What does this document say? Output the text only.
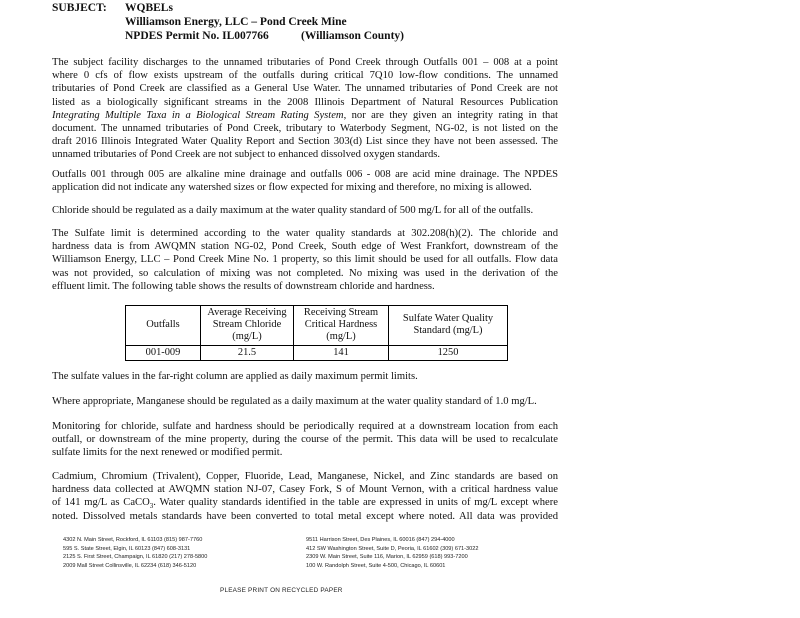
SUBJECT: WQBELs
Williamson Energy, LLC – Pond Creek Mine
NPDES Permit No. IL007766	(Williamson County)
The subject facility discharges to the unnamed tributaries of Pond Creek through Outfalls 001 – 008 at a point
where 0 cfs of flow exists upstream of the outfalls during critical 7Q10 low-flow conditions. The unnamed
tributaries of Pond Creek are classified as a General Use Water. The unnamed tributaries of Pond Creek are not
listed as a biologically significant streams in the 2008 Illinois Department of Natural Resources Publication
Integrating Multiple Taxa in a Biological Stream Rating System, nor are they given an integrity rating in that
document. The unnamed tributaries of Pond Creek, tributary to Waterbody Segment, NG-02, is not listed on the
draft 2016 Illinois Integrated Water Quality Report and Section 303(d) List since they have not been assessed. The
unnamed tributaries of Pond Creek are not subject to enhanced dissolved oxygen standards.
Outfalls 001 through 005 are alkaline mine drainage and outfalls 006 - 008 are acid mine drainage. The NPDES
application did not indicate any watershed sizes or flow expected for mixing and therefore, no mixing is allowed.
Chloride should be regulated as a daily maximum at the water quality standard of 500 mg/L for all of the outfalls.
The Sulfate limit is determined according to the water quality standards at 302.208(h)(2). The chloride and
hardness data is from AWQMN station NG-02, Pond Creek, South edge of West Frankfort, downstream of the
Williamson Energy, LLC – Pond Creek Mine No. 1 property, so this limit should be used for all outfalls. Flow data
was not provided, so calculation of mixing was not completed. No mixing was used in the derivation of the
effluent limit. The following table shows the results of downstream chloride and hardness.
Outfalls	Average Receiving Stream Chloride (mg/L)	Receiving Stream Critical Hardness (mg/L)	Sulfate Water Quality Standard (mg/L)
001-009	21.5	141	1250
The sulfate values in the far-right column are applied as daily maximum permit limits.
Where appropriate, Manganese should be regulated as a daily maximum at the water quality standard of 1.0 mg/L.
Monitoring for chloride, sulfate and hardness should be periodically required at a downstream location from each
outfall, or downstream of the mine property, during the course of the permit. This data will be used to recalculate
sulfate limits for the next renewed or modified permit.
Cadmium, Chromium (Trivalent), Copper, Fluoride, Lead, Manganese, Nickel, and Zinc standards are based on
hardness data collected at AWQMN station NJ-07, Casey Fork, S of Mount Vernon, with a critical hardness value
of 141 mg/L as CaCO$_3$. Water quality standards identified in the table are expressed in units of mg/L except where
noted. Dissolved metals standards have been converted to total metal except where noted. All data was provided
4302 N. Main Street, Rockford, IL 61103 (815) 987-7760
595 S. State Street, Elgin, IL 60123 (847) 608-3131
2125 S. First Street, Champaign, IL 61820 (217) 278-5800
2009 Mall Street Collinsville, IL 62234 (618) 346-5120
9511 Harrison Street, Des Plaines, IL 60016 (847) 294-4000
412 SW Washington Street, Suite D, Peoria, IL 61602 (309) 671-3022
2309 W. Main Street, Suite 116, Marion, IL 62959 (618) 993-7200
100 W. Randolph Street, Suite 4-500, Chicago, IL 60601
PLEASE PRINT ON RECYCLED PAPER
